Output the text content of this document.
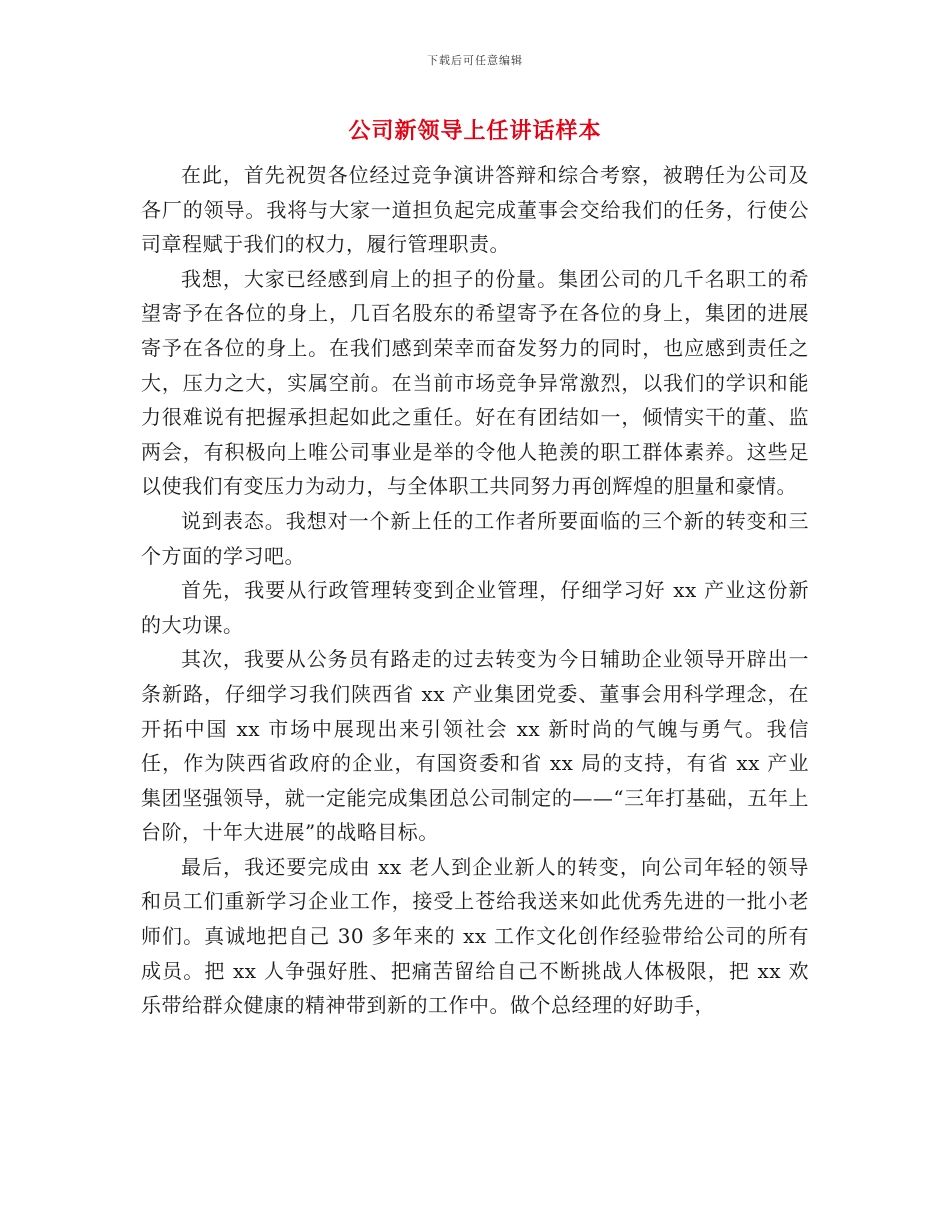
下载后可任意编辑
公司新领导上任讲话样本

在此，首先祝贺各位经过竞争演讲答辩和综合考察，被聘任为公司及各厂的领导。我将与大家一道担负起完成董事会交给我们的任务，行使公司章程赋于我们的权力，履行管理职责。

我想，大家已经感到肩上的担子的份量。集团公司的几千名职工的希望寄予在各位的身上，几百名股东的希望寄予在各位的身上，集团的进展寄予在各位的身上。在我们感到荣幸而奋发努力的同时，也应感到责任之大，压力之大，实属空前。在当前市场竞争异常激烈，以我们的学识和能力很难说有把握承担起如此之重任。好在有团结如一，倾情实干的董、监两会，有积极向上唯公司事业是举的令他人艳羡的职工群体素养。这些足以使我们有变压力为动力，与全体职工共同努力再创辉煌的胆量和豪情。

说到表态。我想对一个新上任的工作者所要面临的三个新的转变和三个方面的学习吧。

首先，我要从行政管理转变到企业管理，仔细学习好 xx 产业这份新的大功课。

其次，我要从公务员有路走的过去转变为今日辅助企业领导开辟出一条新路，仔细学习我们陕西省 xx 产业集团党委、董事会用科学理念，在开拓中国 xx 市场中展现出来引领社会 xx 新时尚的气魄与勇气。我信任，作为陕西省政府的企业，有国资委和省 xx 局的支持，有省 xx 产业集团坚强领导，就一定能完成集团总公司制定的——“三年打基础，五年上台阶，十年大进展”的战略目标。

最后，我还要完成由 xx 老人到企业新人的转变，向公司年轻的领导和员工们重新学习企业工作，接受上苍给我送来如此优秀先进的一批小老师们。真诚地把自己 30 多年来的 xx 工作文化创作经验带给公司的所有成员。把 xx 人争强好胜、把痛苦留给自己不断挑战人体极限，把 xx 欢乐带给群众健康的精神带到新的工作中。做个总经理的好助手，
